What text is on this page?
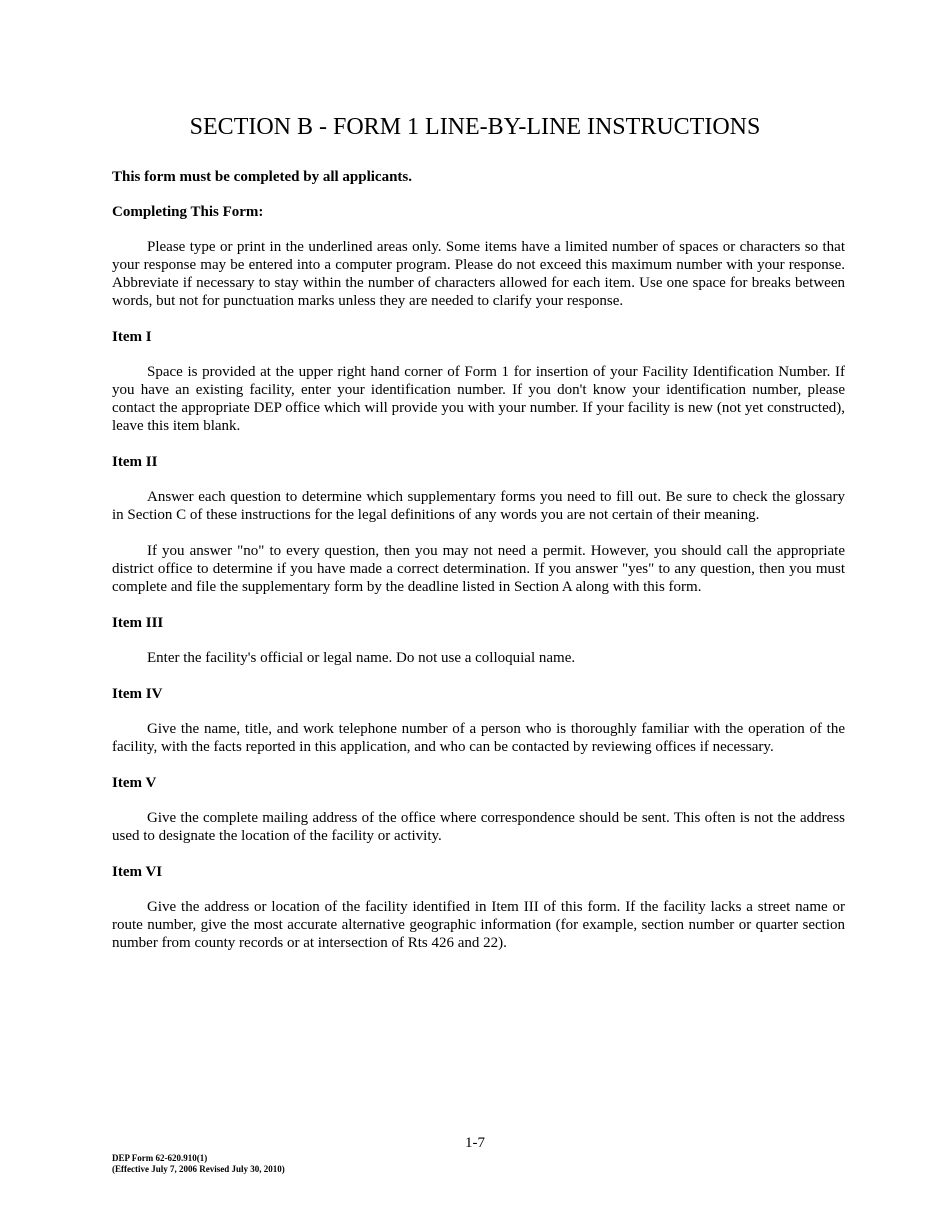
SECTION B - FORM 1 LINE-BY-LINE INSTRUCTIONS

This form must be completed by all applicants.

Completing This Form:

Please type or print in the underlined areas only. Some items have a limited number of spaces or characters so that your response may be entered into a computer program. Please do not exceed this maximum number with your response. Abbreviate if necessary to stay within the number of characters allowed for each item. Use one space for breaks between words, but not for punctuation marks unless they are needed to clarify your response.

Item I

Space is provided at the upper right hand corner of Form 1 for insertion of your Facility Identification Number. If you have an existing facility, enter your identification number. If you don't know your identification number, please contact the appropriate DEP office which will provide you with your number. If your facility is new (not yet constructed), leave this item blank.

Item II

Answer each question to determine which supplementary forms you need to fill out. Be sure to check the glossary in Section C of these instructions for the legal definitions of any words you are not certain of their meaning.

If you answer "no" to every question, then you may not need a permit. However, you should call the appropriate district office to determine if you have made a correct determination. If you answer "yes" to any question, then you must complete and file the supplementary form by the deadline listed in Section A along with this form.

Item III

Enter the facility's official or legal name. Do not use a colloquial name.

Item IV

Give the name, title, and work telephone number of a person who is thoroughly familiar with the operation of the facility, with the facts reported in this application, and who can be contacted by reviewing offices if necessary.

Item V

Give the complete mailing address of the office where correspondence should be sent. This often is not the address used to designate the location of the facility or activity.

Item VI

Give the address or location of the facility identified in Item III of this form. If the facility lacks a street name or route number, give the most accurate alternative geographic information (for example, section number or quarter section number from county records or at intersection of Rts 426 and 22).

1-7
DEP Form 62-620.910(1)
(Effective July 7, 2006 Revised July 30, 2010)
